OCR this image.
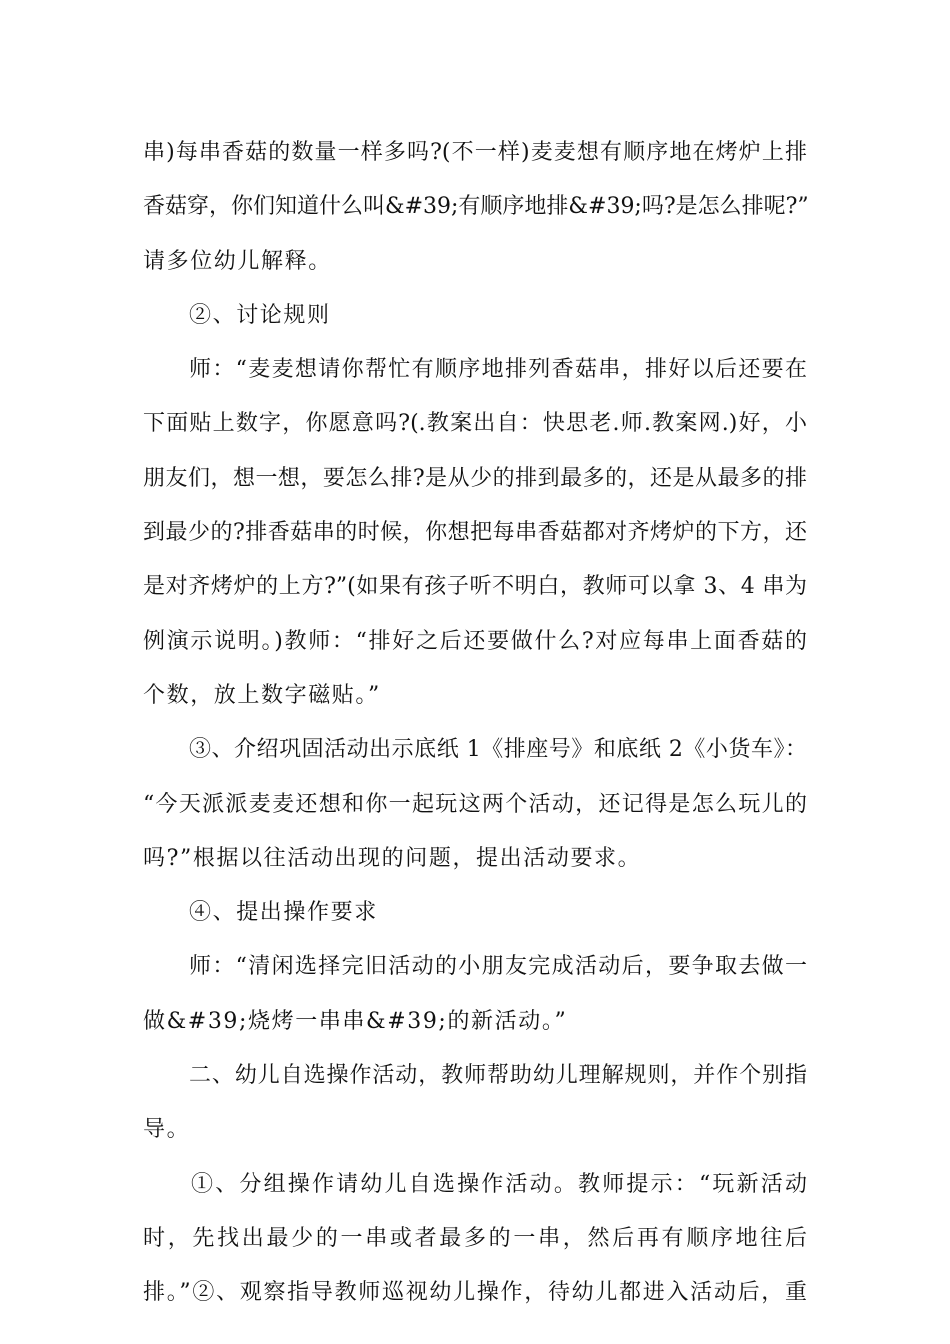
串)每串香菇的数量一样多吗?(不一样)麦麦想有顺序地在烤炉上排
香菇穿，你们知道什么叫&#39;有顺序地排&#39;吗?是怎么排呢?”
请多位幼儿解释。
②、讨论规则
师：“麦麦想请你帮忙有顺序地排列香菇串，排好以后还要在
下面贴上数字，你愿意吗?(.教案出自：快思老.师.教案网.)好，小
朋友们，想一想，要怎么排?是从少的排到最多的，还是从最多的排
到最少的?排香菇串的时候，你想把每串香菇都对齐烤炉的下方，还
是对齐烤炉的上方?”(如果有孩子听不明白，教师可以拿 3、4 串为
例演示说明。)教师：“排好之后还要做什么?对应每串上面香菇的
个数，放上数字磁贴。”
③、介绍巩固活动出示底纸 1《排座号》和底纸 2《小货车》：
“今天派派麦麦还想和你一起玩这两个活动，还记得是怎么玩儿的
吗?”根据以往活动出现的问题，提出活动要求。
④、提出操作要求
师：“清闲选择完旧活动的小朋友完成活动后，要争取去做一
做&#39;烧烤一串串&#39;的新活动。”
二、幼儿自选操作活动，教师帮助幼儿理解规则，并作个别指
导。
①、分组操作请幼儿自选操作活动。教师提示：“玩新活动
时，先找出最少的一串或者最多的一串，然后再有顺序地往后
排。”②、观察指导教师巡视幼儿操作，待幼儿都进入活动后，重
